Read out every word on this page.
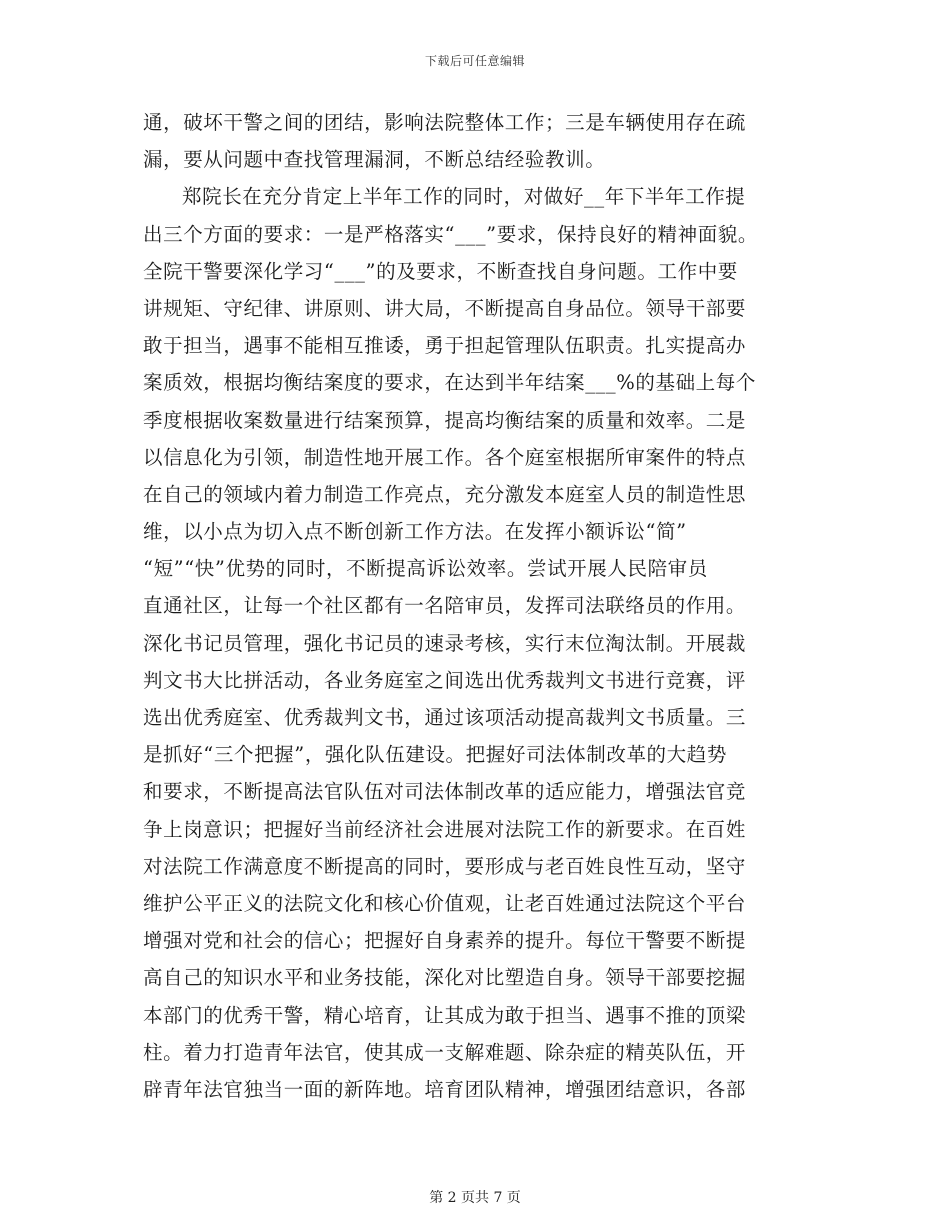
下载后可任意编辑
通，破坏干警之间的团结，影响法院整体工作；三是车辆使用存在疏
漏，要从问题中查找管理漏洞，不断总结经验教训。
郑院长在充分肯定上半年工作的同时，对做好__年下半年工作提
出三个方面的要求：一是严格落实“___”要求，保持良好的精神面貌。
全院干警要深化学习“___”的及要求，不断查找自身问题。工作中要
讲规矩、守纪律、讲原则、讲大局，不断提高自身品位。领导干部要
敢于担当，遇事不能相互推诿，勇于担起管理队伍职责。扎实提高办
案质效，根据均衡结案度的要求，在达到半年结案___%的基础上每个
季度根据收案数量进行结案预算，提高均衡结案的质量和效率。二是
以信息化为引领，制造性地开展工作。各个庭室根据所审案件的特点
在自己的领域内着力制造工作亮点，充分激发本庭室人员的制造性思
维，以小点为切入点不断创新工作方法。在发挥小额诉讼“简”
“短”“快”优势的同时，不断提高诉讼效率。尝试开展人民陪审员
直通社区，让每一个社区都有一名陪审员，发挥司法联络员的作用。
深化书记员管理，强化书记员的速录考核，实行末位淘汰制。开展裁
判文书大比拼活动，各业务庭室之间选出优秀裁判文书进行竞赛，评
选出优秀庭室、优秀裁判文书，通过该项活动提高裁判文书质量。三
是抓好“三个把握”，强化队伍建设。把握好司法体制改革的大趋势
和要求，不断提高法官队伍对司法体制改革的适应能力，增强法官竞
争上岗意识；把握好当前经济社会进展对法院工作的新要求。在百姓
对法院工作满意度不断提高的同时，要形成与老百姓良性互动，坚守
维护公平正义的法院文化和核心价值观，让老百姓通过法院这个平台
增强对党和社会的信心；把握好自身素养的提升。每位干警要不断提
高自己的知识水平和业务技能，深化对比塑造自身。领导干部要挖掘
本部门的优秀干警，精心培育，让其成为敢于担当、遇事不推的顶梁
柱。着力打造青年法官，使其成一支解难题、除杂症的精英队伍，开
辟青年法官独当一面的新阵地。培育团队精神，增强团结意识，各部
第 2 页共 7 页
